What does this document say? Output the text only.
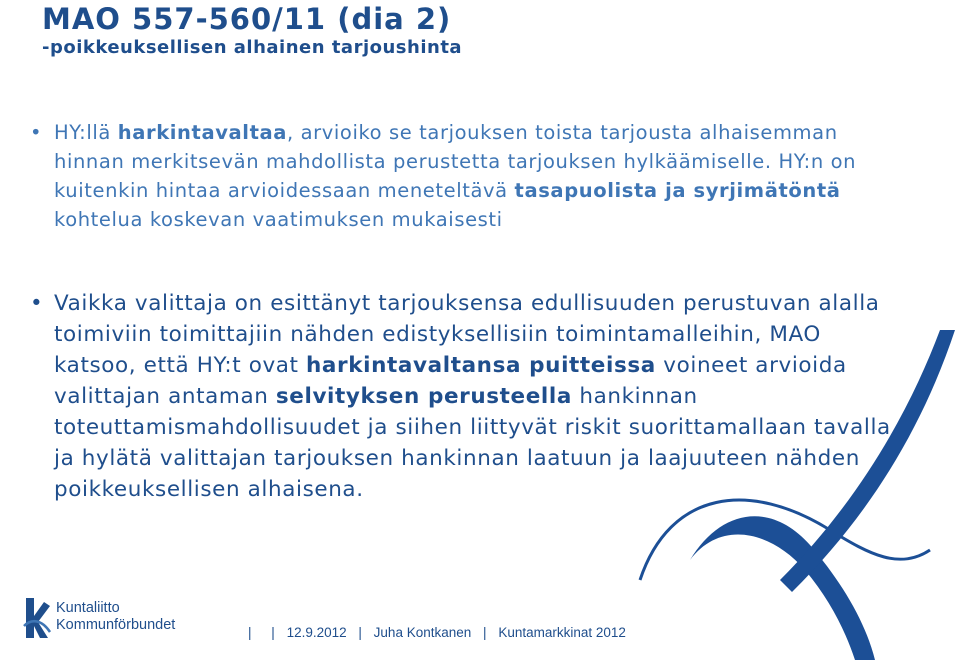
MAO 557-560/11 (dia 2)

-poikkeuksellisen alhainen tarjoushinta

• HY:llä harkintavaltaa, arvioiko se tarjouksen toista tarjousta alhaisemman hinnan merkitsevän mahdollista perustetta tarjouksen hylkäämiselle. HY:n on kuitenkin hintaa arvioidessaan meneteltävä tasapuolista ja syrjimätöntä kohtelua koskevan vaatimuksen mukaisesti
• Vaikka valittaja on esittänyt tarjouksensa edullisuuden perustuvan alalla toimiviin toimittajiin nähden edistyksellisiin toimintamalleihin, MAO katsoo, että HY:t ovat harkintavaltansa puitteissa voineet arvioida valittajan antaman selvityksen perusteella hankinnan toteuttamismahdollisuudet ja siihen liittyvät riskit suorittamallaan tavalla ja hylätä valittajan tarjouksen hankinnan laatuun ja laajuuteen nähden poikkeuksellisen alhaisena.
Kuntaliitto
Kommunförbundet	| | 12.9.2012 | Juha Kontkanen | Kuntamarkkinat 2012
